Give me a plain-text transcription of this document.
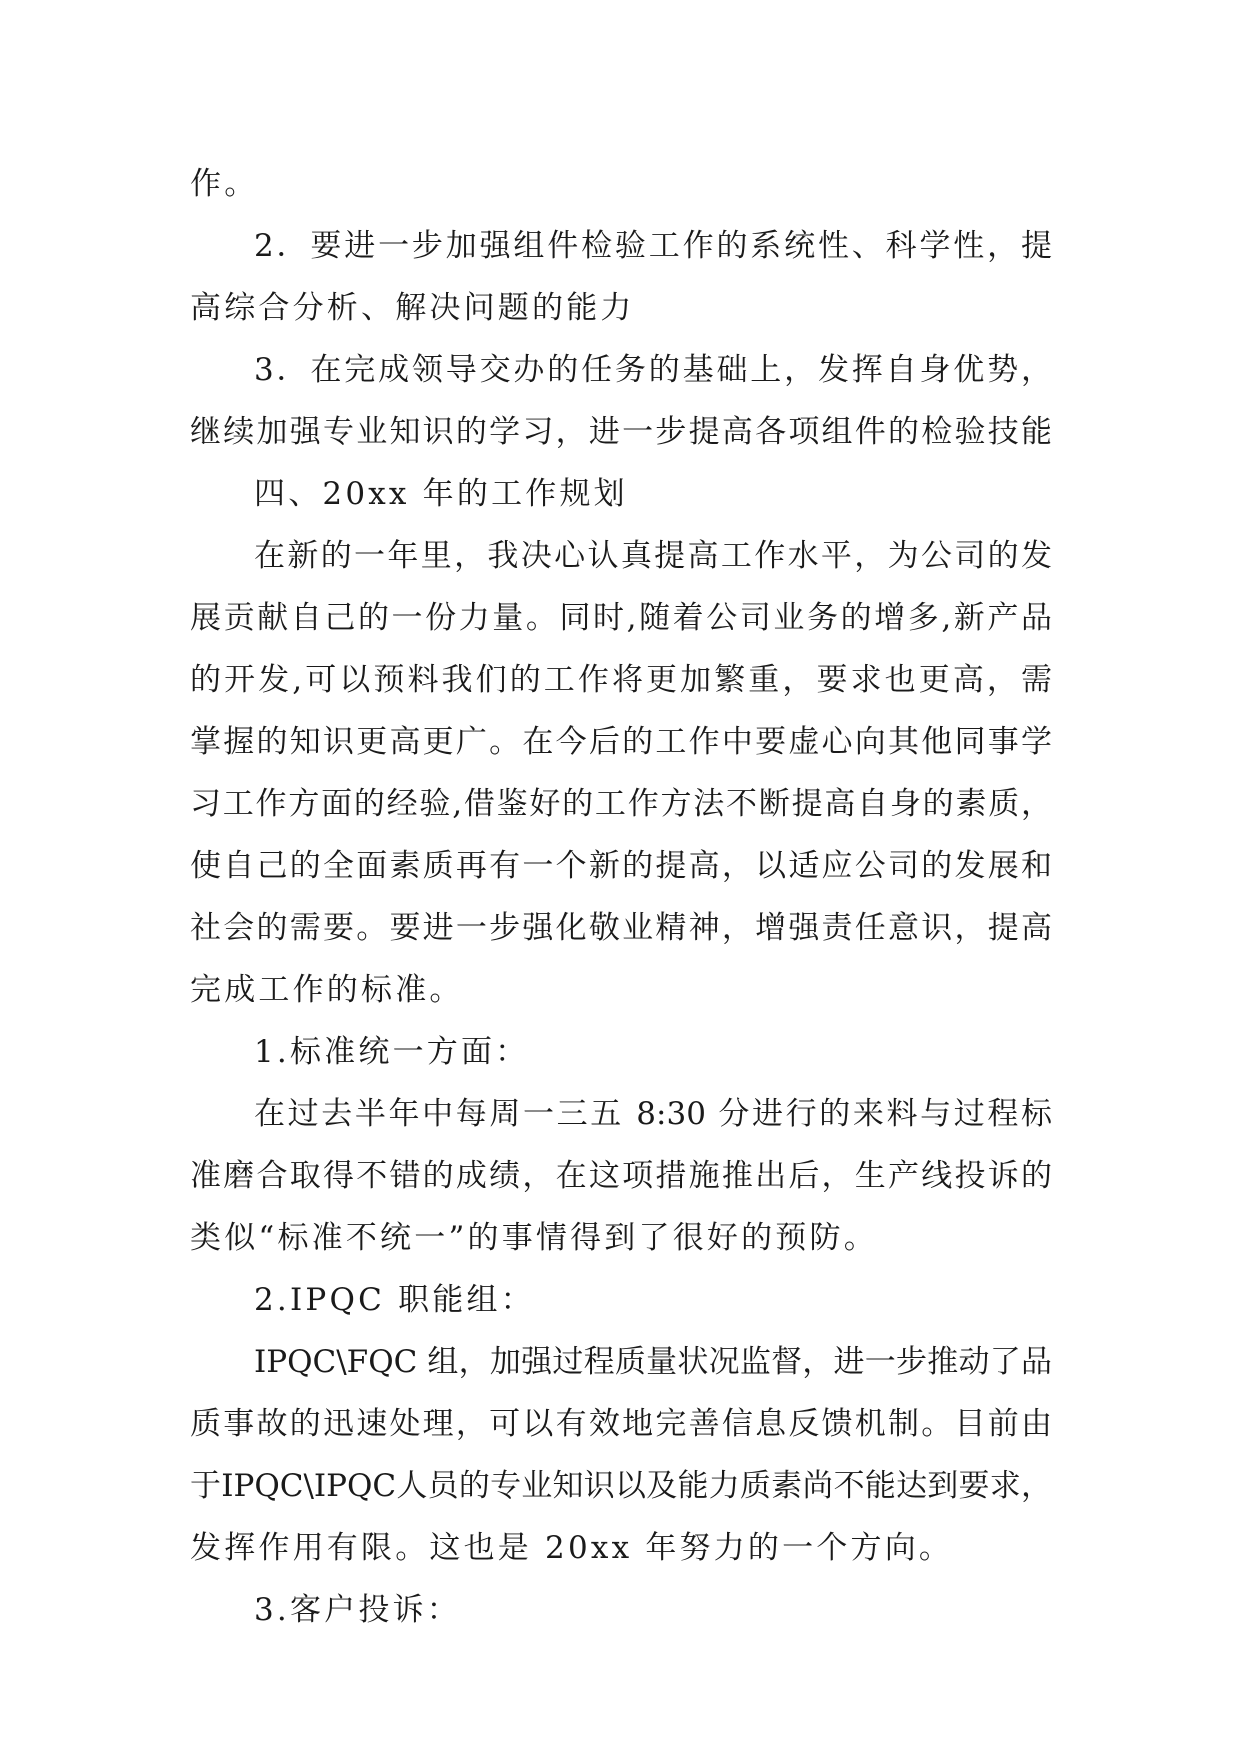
作。
2．要进一步加强组件检验工作的系统性、科学性，提
高综合分析、解决问题的能力
3．在完成领导交办的任务的基础上，发挥自身优势，
继续加强专业知识的学习，进一步提高各项组件的检验技能
四、20xx 年的工作规划
在新的一年里，我决心认真提高工作水平，为公司的发
展贡献自己的一份力量。同时,随着公司业务的增多,新产品
的开发,可以预料我们的工作将更加繁重，要求也更高，需
掌握的知识更高更广。在今后的工作中要虚心向其他同事学
习工作方面的经验,借鉴好的工作方法不断提高自身的素质，
使自己的全面素质再有一个新的提高，以适应公司的发展和
社会的需要。要进一步强化敬业精神，增强责任意识，提高
完成工作的标准。
1.标准统一方面：
在过去半年中每周一三五 8:30 分进行的来料与过程标
准磨合取得不错的成绩，在这项措施推出后，生产线投诉的
类似“标准不统一”的事情得到了很好的预防。
2.IPQC 职能组：
IPQC\FQC 组，加强过程质量状况监督，进一步推动了品
质事故的迅速处理，可以有效地完善信息反馈机制。目前由
于IPQC\IPQC人员的专业知识以及能力质素尚不能达到要求，
发挥作用有限。这也是 20xx 年努力的一个方向。
3.客户投诉：
